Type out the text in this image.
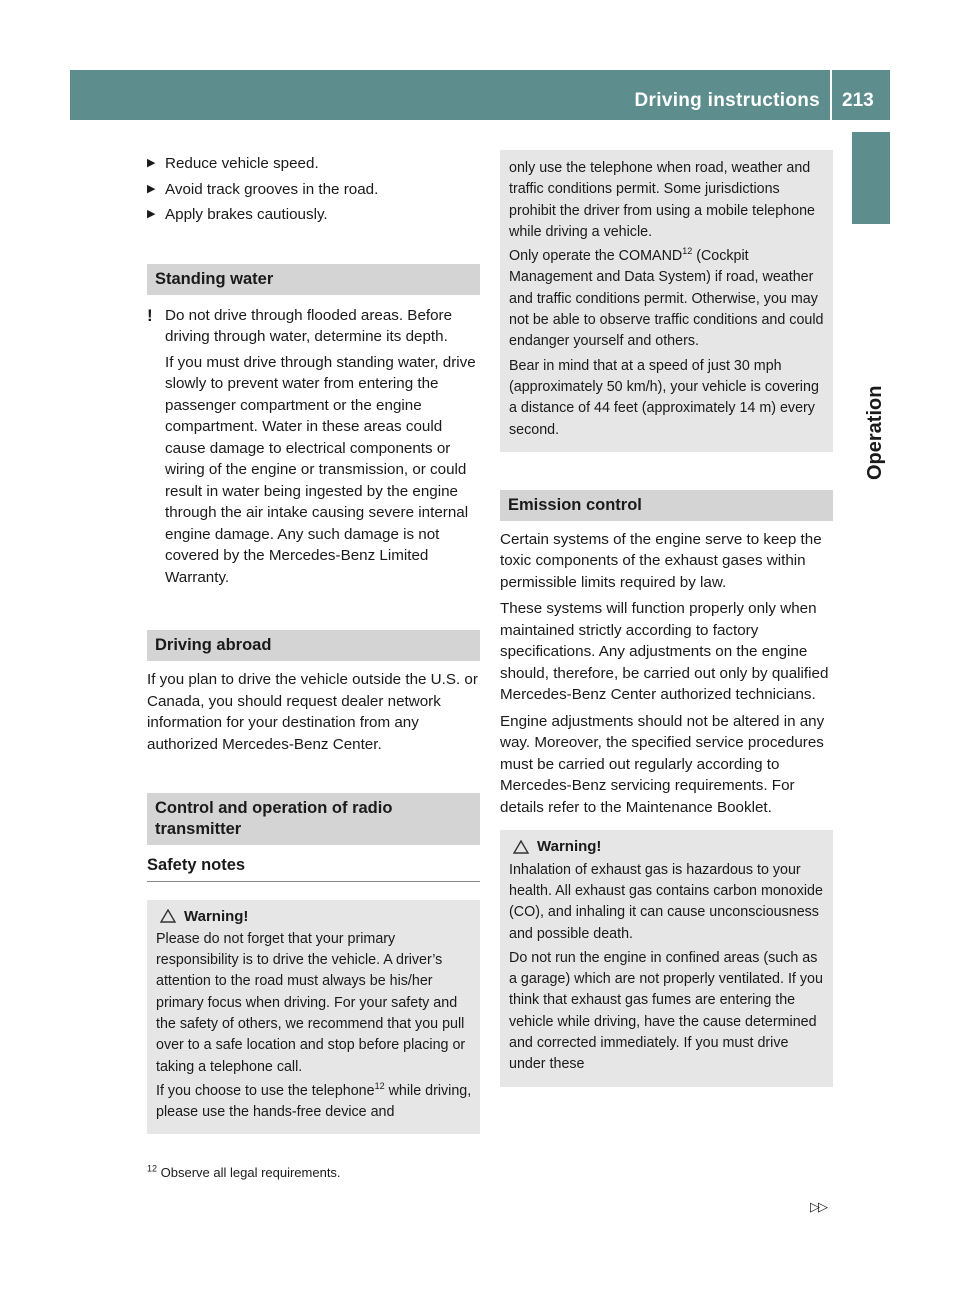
Driving instructions 213
Operation
▶ Reduce vehicle speed.
▶ Avoid track grooves in the road.
▶ Apply brakes cautiously.
Standing water
! Do not drive through flooded areas. Before driving through water, determine its depth.

If you must drive through standing water, drive slowly to prevent water from entering the passenger compartment or the engine compartment. Water in these areas could cause damage to electrical components or wiring of the engine or transmission, or could result in water being ingested by the engine through the air intake causing severe internal engine damage. Any such damage is not covered by the Mercedes-Benz Limited Warranty.

Driving abroad

If you plan to drive the vehicle outside the U.S. or Canada, you should request dealer network information for your destination from any authorized Mercedes-Benz Center.

Control and operation of radio transmitter
Safety notes
Warning!

Please do not forget that your primary responsibility is to drive the vehicle. A driver’s attention to the road must always be his/her primary focus when driving. For your safety and the safety of others, we recommend that you pull over to a safe location and stop before placing or taking a telephone call.

If you choose to use the telephone$^{12}$ while driving, please use the hands-free device and

only use the telephone when road, weather and traffic conditions permit. Some jurisdictions prohibit the driver from using a mobile telephone while driving a vehicle.

Only operate the COMAND$^{12}$ (Cockpit Management and Data System) if road, weather and traffic conditions permit. Otherwise, you may not be able to observe traffic conditions and could endanger yourself and others.

Bear in mind that at a speed of just 30 mph (approximately 50 km/h), your vehicle is covering a distance of 44 feet (approximately 14 m) every second.

Emission control

Certain systems of the engine serve to keep the toxic components of the exhaust gases within permissible limits required by law.

These systems will function properly only when maintained strictly according to factory specifications. Any adjustments on the engine should, therefore, be carried out only by qualified Mercedes-Benz Center authorized technicians.

Engine adjustments should not be altered in any way. Moreover, the specified service procedures must be carried out regularly according to Mercedes-Benz servicing requirements. For details refer to the Maintenance Booklet.

Warning!

Inhalation of exhaust gas is hazardous to your health. All exhaust gas contains carbon monoxide (CO), and inhaling it can cause unconsciousness and possible death.

Do not run the engine in confined areas (such as a garage) which are not properly ventilated. If you think that exhaust gas fumes are entering the vehicle while driving, have the cause determined and corrected immediately. If you must drive under these

$^{12}$ Observe all legal requirements.
▷▷
